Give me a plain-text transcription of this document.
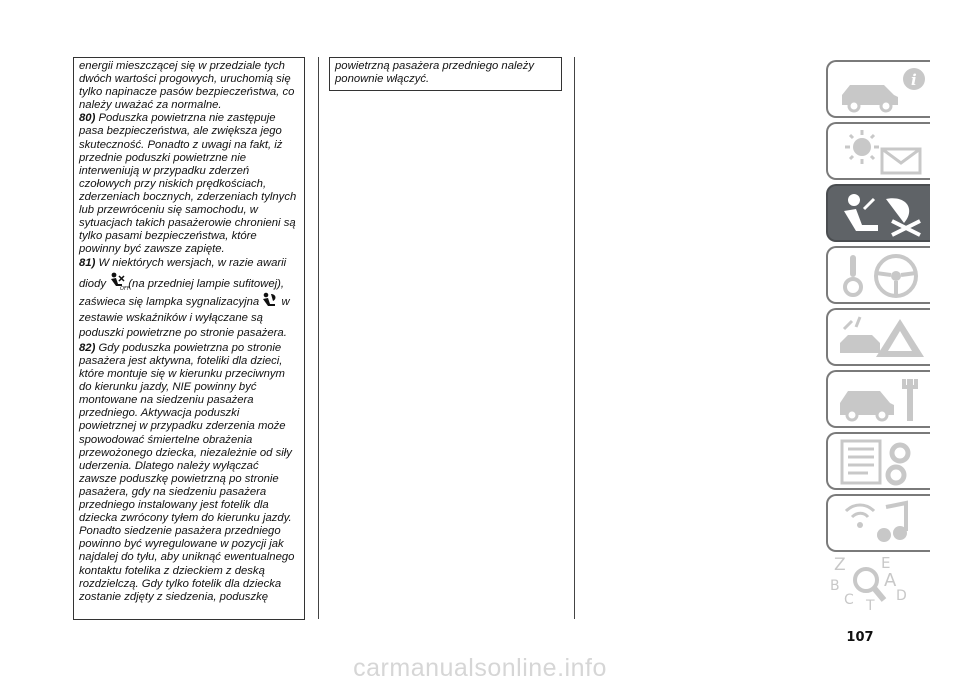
energii mieszczącej się w przedziale tych dwóch wartości progowych, uruchomią się tylko napinacze pasów bezpieczeństwa, co należy uważać za normalne.

80) Poduszka powietrzna nie zastępuje pasa bezpieczeństwa, ale zwiększa jego skuteczność. Ponadto z uwagi na fakt, iż przednie poduszki powietrzne nie interweniują w przypadku zderzeń czołowych przy niskich prędkościach, zderzeniach bocznych, zderzeniach tylnych lub przewróceniu się samochodu, w sytuacjach takich pasażerowie chronieni są tylko pasami bezpieczeństwa, które powinny być zawsze zapięte.

81) W niektórych wersjach, w razie awarii diody	OFF
(na przedniej lampie sufitowej), zaświeca się lampka sygnalizacyjna w zestawie wskaźników i wyłączane są poduszki powietrzne po stronie pasażera.

82) Gdy poduszka powietrzna po stronie pasażera jest aktywna, foteliki dla dzieci, które montuje się w kierunku przeciwnym do kierunku jazdy, NIE powinny być montowane na siedzeniu pasażera przedniego. Aktywacja poduszki powietrznej w przypadku zderzenia może spowodować śmiertelne obrażenia przewożonego dziecka, niezależnie od siły uderzenia. Dlatego należy wyłączać zawsze poduszkę powietrzną po stronie pasażera, gdy na siedzeniu pasażera przedniego instalowany jest fotelik dla dziecka zwrócony tyłem do kierunku jazdy. Ponadto siedzenie pasażera przedniego powinno być wyregulowane w pozycji jak najdalej do tyłu, aby uniknąć ewentualnego kontaktu fotelika z dzieckiem z deską rozdzielczą. Gdy tylko fotelik dla dziecka zostanie zdjęty z siedzenia, poduszkę

powietrzną pasażera przedniego należy ponownie włączyć.	i
Z E
B A
C T
D
107
carmanualsonline.info
